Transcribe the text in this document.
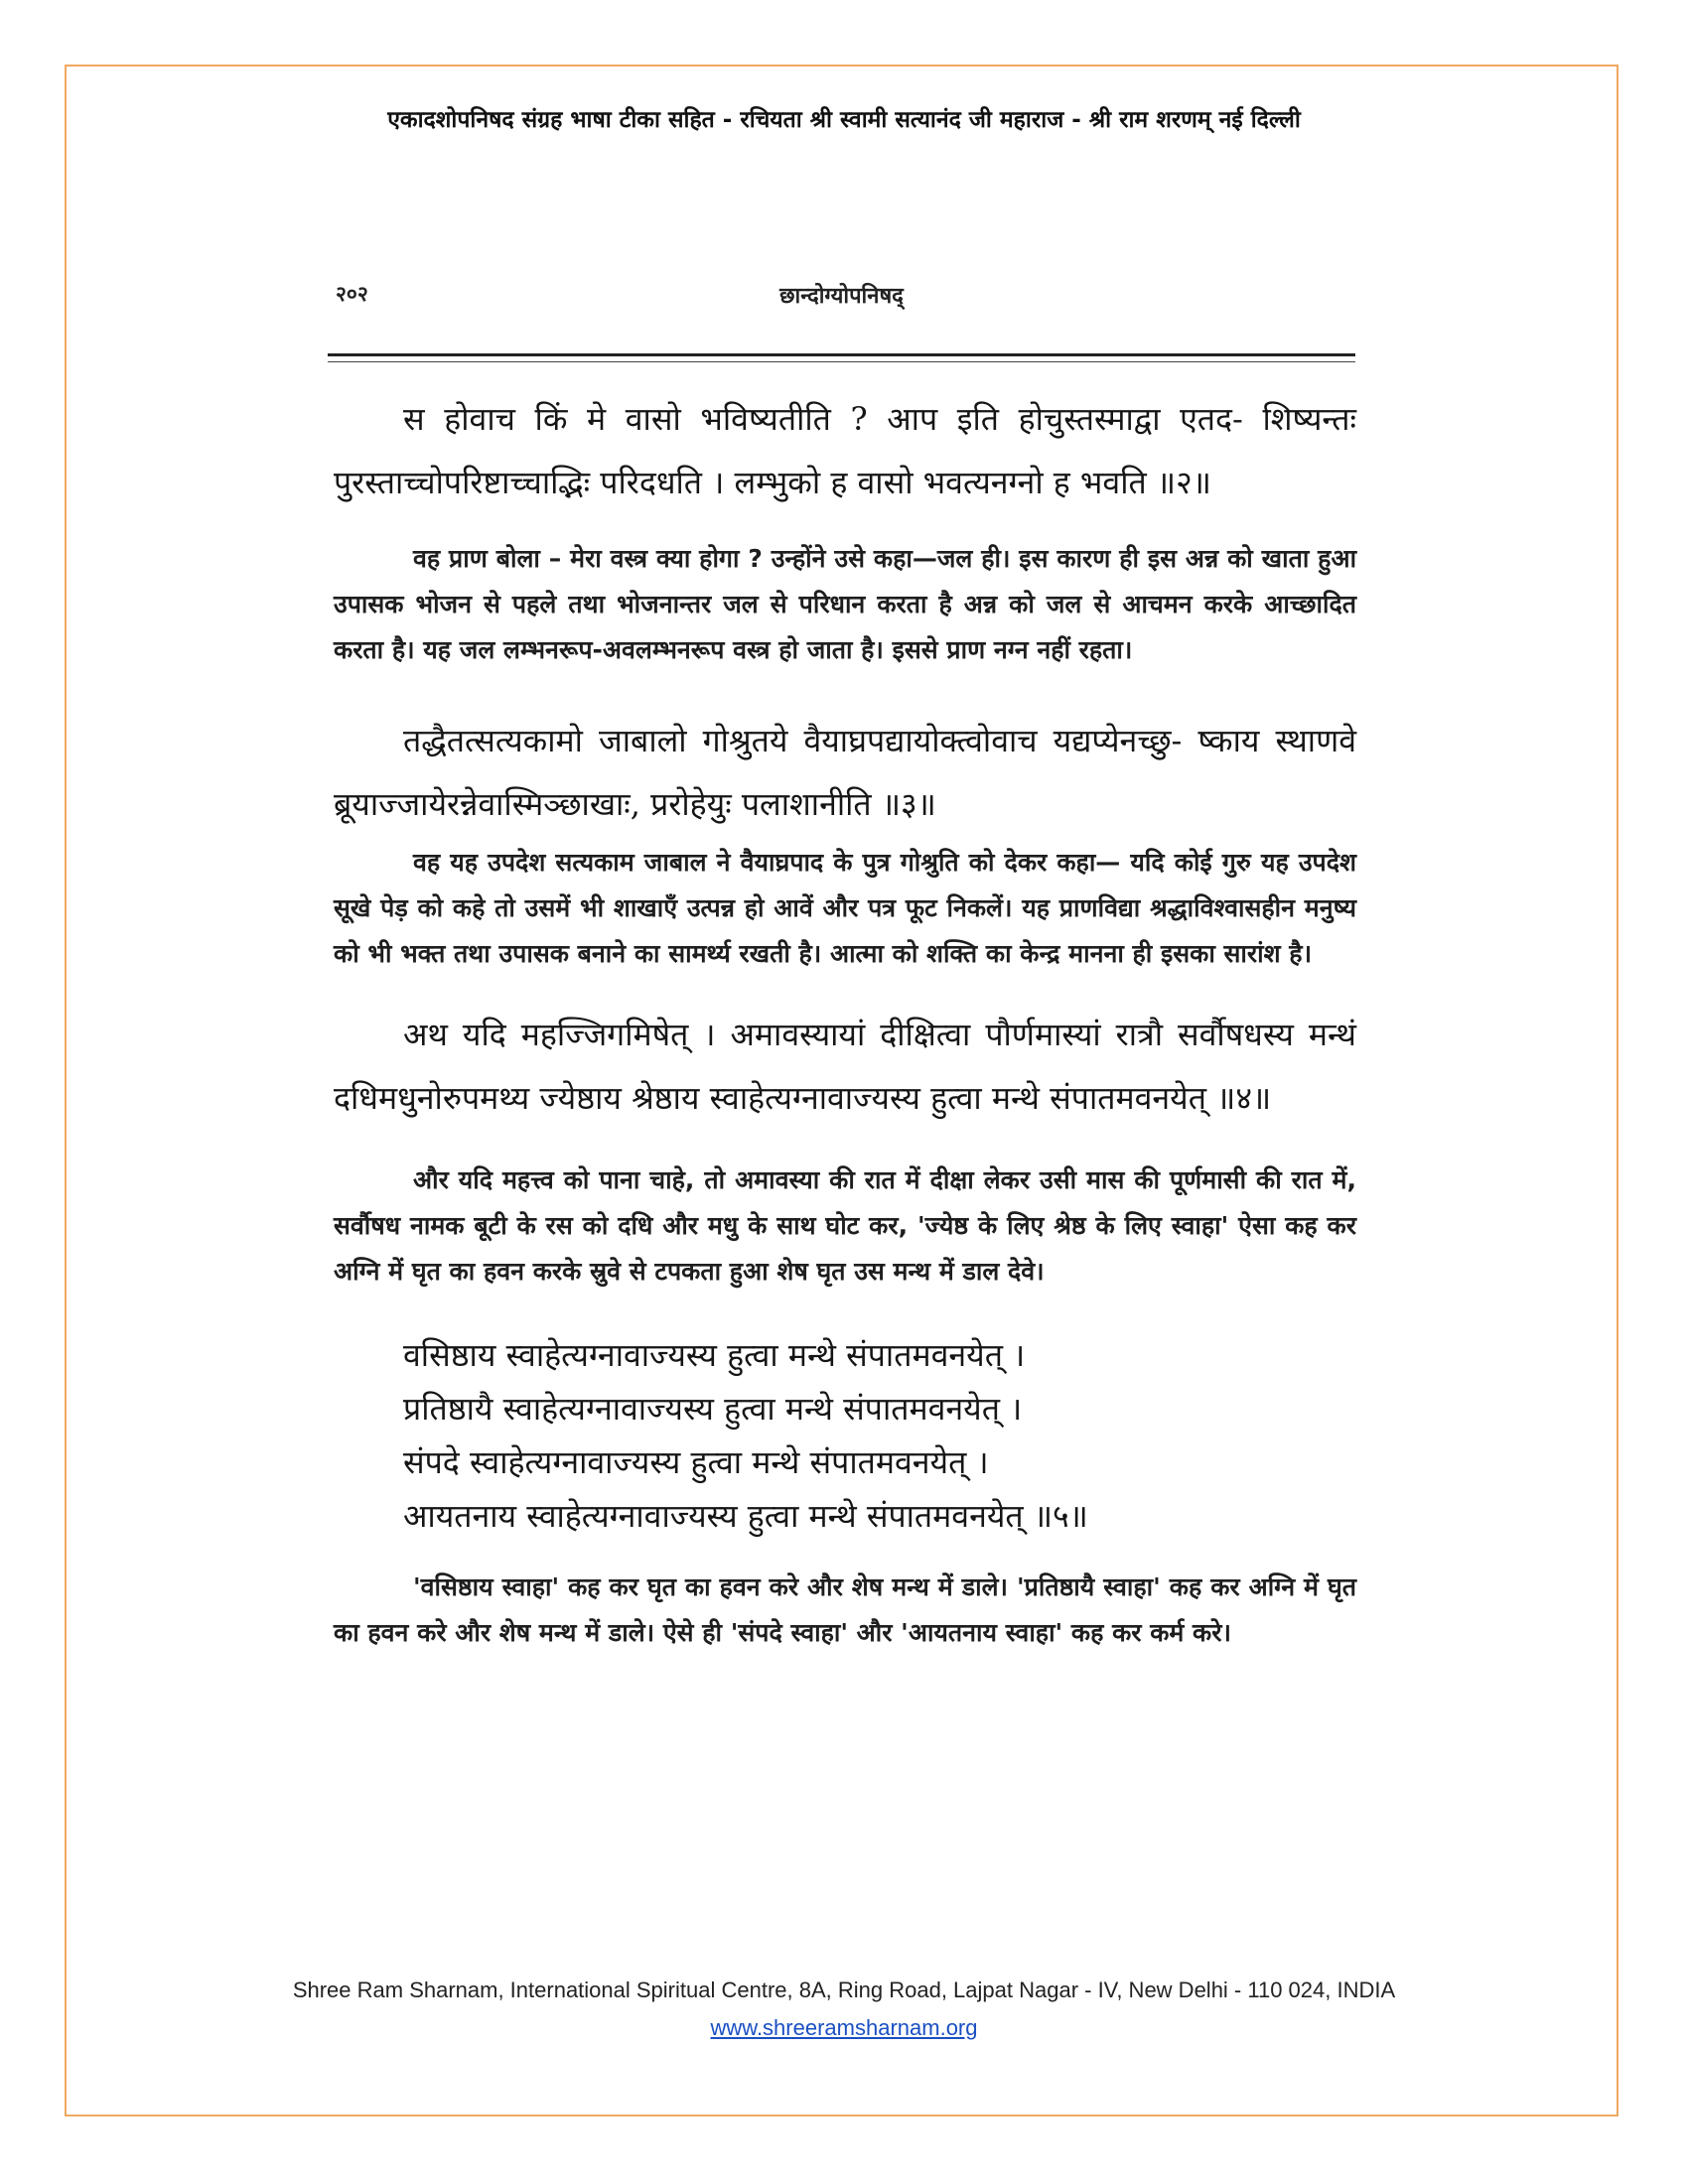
एकादशोपनिषद संग्रह भाषा टीका सहित - रचियता श्री स्वामी सत्यानंद जी महाराज - श्री राम शरणम् नई दिल्ली
२०२	छान्दोग्योपनिषद्

स होवाच किं मे वासो भविष्यतीति ? आप इति होचुस्तस्माद्वा एतद- शिष्यन्तः पुरस्ताच्चोपरिष्टाच्चाद्भिः परिदधति । लम्भुको ह वासो भवत्यनग्नो ह भवति ॥२॥

वह प्राण बोला – मेरा वस्त्र क्या होगा ? उन्होंने उसे कहा—जल ही। इस कारण ही इस अन्न को खाता हुआ उपासक भोजन से पहले तथा भोजनान्तर जल से परिधान करता है अन्न को जल से आचमन करके आच्छादित करता है। यह जल लम्भनरूप-अवलम्भनरूप वस्त्र हो जाता है। इससे प्राण नग्न नहीं रहता।

तद्धैतत्सत्यकामो जाबालो गोश्रुतये वैयाघ्रपद्यायोक्त्वोवाच यद्यप्येनच्छु- ष्काय स्थाणवे ब्रूयाज्जायेरन्नेवास्मिञ्छाखाः, प्ररोहेयुः पलाशानीति ॥३॥

वह यह उपदेश सत्यकाम जाबाल ने वैयाघ्रपाद के पुत्र गोश्रुति को देकर कहा— यदि कोई गुरु यह उपदेश सूखे पेड़ को कहे तो उसमें भी शाखाएँ उत्पन्न हो आवें और पत्र फूट निकलें। यह प्राणविद्या श्रद्धाविश्वासहीन मनुष्य को भी भक्त तथा उपासक बनाने का सामर्थ्य रखती है। आत्मा को शक्ति का केन्द्र मानना ही इसका सारांश है।

अथ यदि महज्जिगमिषेत् । अमावस्यायां दीक्षित्वा पौर्णमास्यां रात्रौ सर्वौषधस्य मन्थं दधिमधुनोरुपमथ्य ज्येष्ठाय श्रेष्ठाय स्वाहेत्यग्नावाज्यस्य हुत्वा मन्थे संपातमवनयेत् ॥४॥

और यदि महत्त्व को पाना चाहे, तो अमावस्या की रात में दीक्षा लेकर उसी मास की पूर्णमासी की रात में, सर्वौषध नामक बूटी के रस को दधि और मधु के साथ घोट कर, 'ज्येष्ठ के लिए श्रेष्ठ के लिए स्वाहा' ऐसा कह कर अग्नि में घृत का हवन करके स्रुवे से टपकता हुआ शेष घृत उस मन्थ में डाल देवे।

वसिष्ठाय स्वाहेत्यग्नावाज्यस्य हुत्वा मन्थे संपातमवनयेत् ।

प्रतिष्ठायै स्वाहेत्यग्नावाज्यस्य हुत्वा मन्थे संपातमवनयेत् ।

संपदे स्वाहेत्यग्नावाज्यस्य हुत्वा मन्थे संपातमवनयेत् ।

आयतनाय स्वाहेत्यग्नावाज्यस्य हुत्वा मन्थे संपातमवनयेत् ॥५॥

'वसिष्ठाय स्वाहा' कह कर घृत का हवन करे और शेष मन्थ में डाले। 'प्रतिष्ठायै स्वाहा' कह कर अग्नि में घृत का हवन करे और शेष मन्थ में डाले। ऐसे ही 'संपदे स्वाहा' और 'आयतनाय स्वाहा' कह कर कर्म करे।

Shree Ram Sharnam, International Spiritual Centre, 8A, Ring Road, Lajpat Nagar - IV, New Delhi - 110 024, INDIA
www.shreeramsharnam.org
